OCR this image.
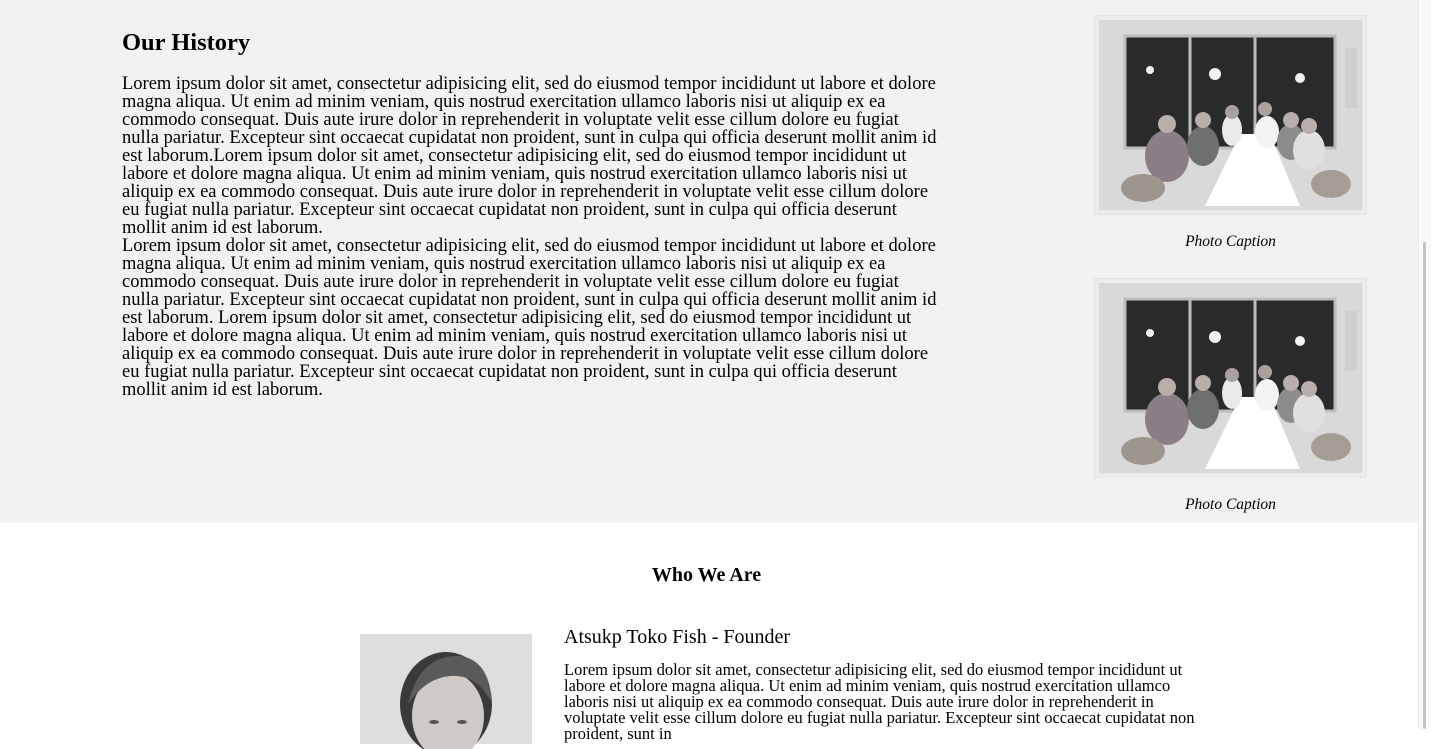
Our History

Lorem ipsum dolor sit amet, consectetur adipisicing elit, sed do eiusmod tempor incididunt ut labore et dolore magna aliqua. Ut enim ad minim veniam, quis nostrud exercitation ullamco laboris nisi ut aliquip ex ea commodo consequat. Duis aute irure dolor in reprehenderit in voluptate velit esse cillum dolore eu fugiat nulla pariatur. Excepteur sint occaecat cupidatat non proident, sunt in culpa qui officia deserunt mollit anim id est laborum.Lorem ipsum dolor sit amet, consectetur adipisicing elit, sed do eiusmod tempor incididunt ut labore et dolore magna aliqua. Ut enim ad minim veniam, quis nostrud exercitation ullamco laboris nisi ut aliquip ex ea commodo consequat. Duis aute irure dolor in reprehenderit in voluptate velit esse cillum dolore eu fugiat nulla pariatur. Excepteur sint occaecat cupidatat non proident, sunt in culpa qui officia deserunt mollit anim id est laborum.

Lorem ipsum dolor sit amet, consectetur adipisicing elit, sed do eiusmod tempor incididunt ut labore et dolore magna aliqua. Ut enim ad minim veniam, quis nostrud exercitation ullamco laboris nisi ut aliquip ex ea commodo consequat. Duis aute irure dolor in reprehenderit in voluptate velit esse cillum dolore eu fugiat nulla pariatur. Excepteur sint occaecat cupidatat non proident, sunt in culpa qui officia deserunt mollit anim id est laborum. Lorem ipsum dolor sit amet, consectetur adipisicing elit, sed do eiusmod tempor incididunt ut labore et dolore magna aliqua. Ut enim ad minim veniam, quis nostrud exercitation ullamco laboris nisi ut aliquip ex ea commodo consequat. Duis aute irure dolor in reprehenderit in voluptate velit esse cillum dolore eu fugiat nulla pariatur. Excepteur sint occaecat cupidatat non proident, sunt in culpa qui officia deserunt mollit anim id est laborum.

Photo Caption
Photo Caption
Who We Are
Atsukp Toko Fish - Founder

Lorem ipsum dolor sit amet, consectetur adipisicing elit, sed do eiusmod tempor incididunt ut labore et dolore magna aliqua. Ut enim ad minim veniam, quis nostrud exercitation ullamco laboris nisi ut aliquip ex ea commodo consequat. Duis aute irure dolor in reprehenderit in voluptate velit esse cillum dolore eu fugiat nulla pariatur. Excepteur sint occaecat cupidatat non proident, sunt in
